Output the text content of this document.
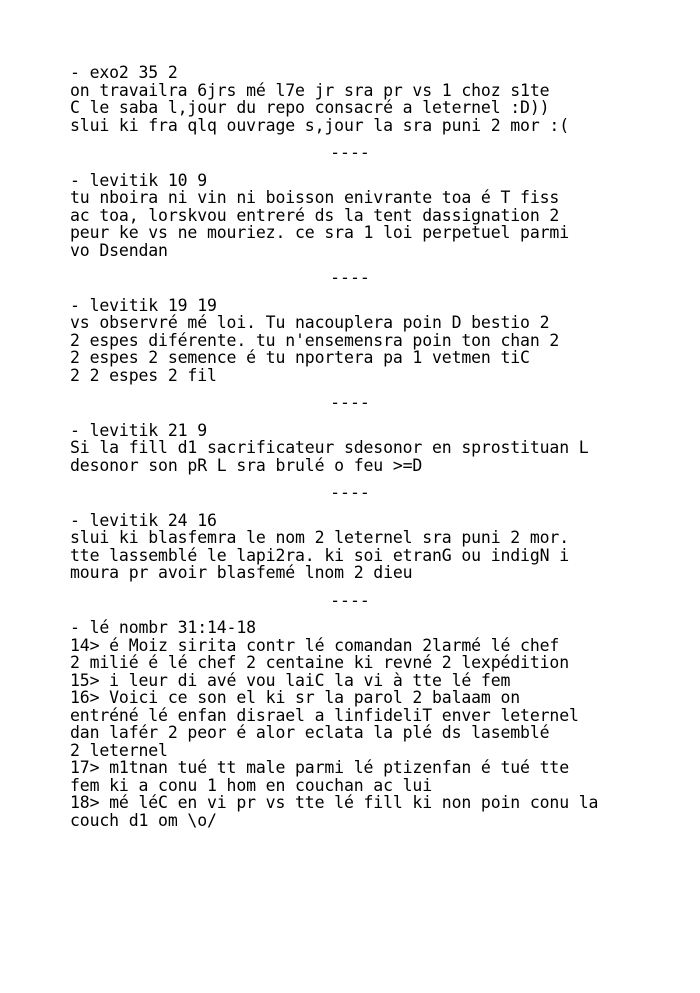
- exo2 35 2
on travailra 6jrs mé l7e jr sra pr vs 1 choz s1te
C le saba l,jour du repo consacré a leternel :D))
slui ki fra qlq ouvrage s,jour la sra puni 2 mor :(
----
- levitik 10 9
tu nboira ni vin ni boisson enivrante toa é T fiss
ac toa, lorskvou entreré ds la tent dassignation 2
peur ke vs ne mouriez. ce sra 1 loi perpetuel parmi
vo Dsendan
----
- levitik 19 19
vs observré mé loi. Tu nacouplera poin D bestio 2
2 espes diférente. tu n'ensemensra poin ton chan 2
2 espes 2 semence é tu nportera pa 1 vetmen tiC
2 2 espes 2 fil
----
- levitik 21 9
Si la fill d1 sacrificateur sdesonor en sprostituan L
desonor son pR L sra brulé o feu >=D
----
- levitik 24 16
slui ki blasfemra le nom 2 leternel sra puni 2 mor.
tte lassemblé le lapi2ra. ki soi etranG ou indigN i
moura pr avoir blasfemé lnom 2 dieu
----
- lé nombr 31:14-18
14> é Moiz sirita contr lé comandan 2larmé lé chef
2 milié é lé chef 2 centaine ki revné 2 lexpédition
15> i leur di avé vou laiC la vi à tte lé fem
16> Voici ce son el ki sr la parol 2 balaam on
entréné lé enfan disrael a linfideliT enver leternel
dan lafér 2 peor é alor eclata la plé ds lasemblé
2 leternel
17> m1tnan tué tt male parmi lé ptizenfan é tué tte
fem ki a conu 1 hom en couchan ac lui
18> mé léC en vi pr vs tte lé fill ki non poin conu la
couch d1 om \o/
